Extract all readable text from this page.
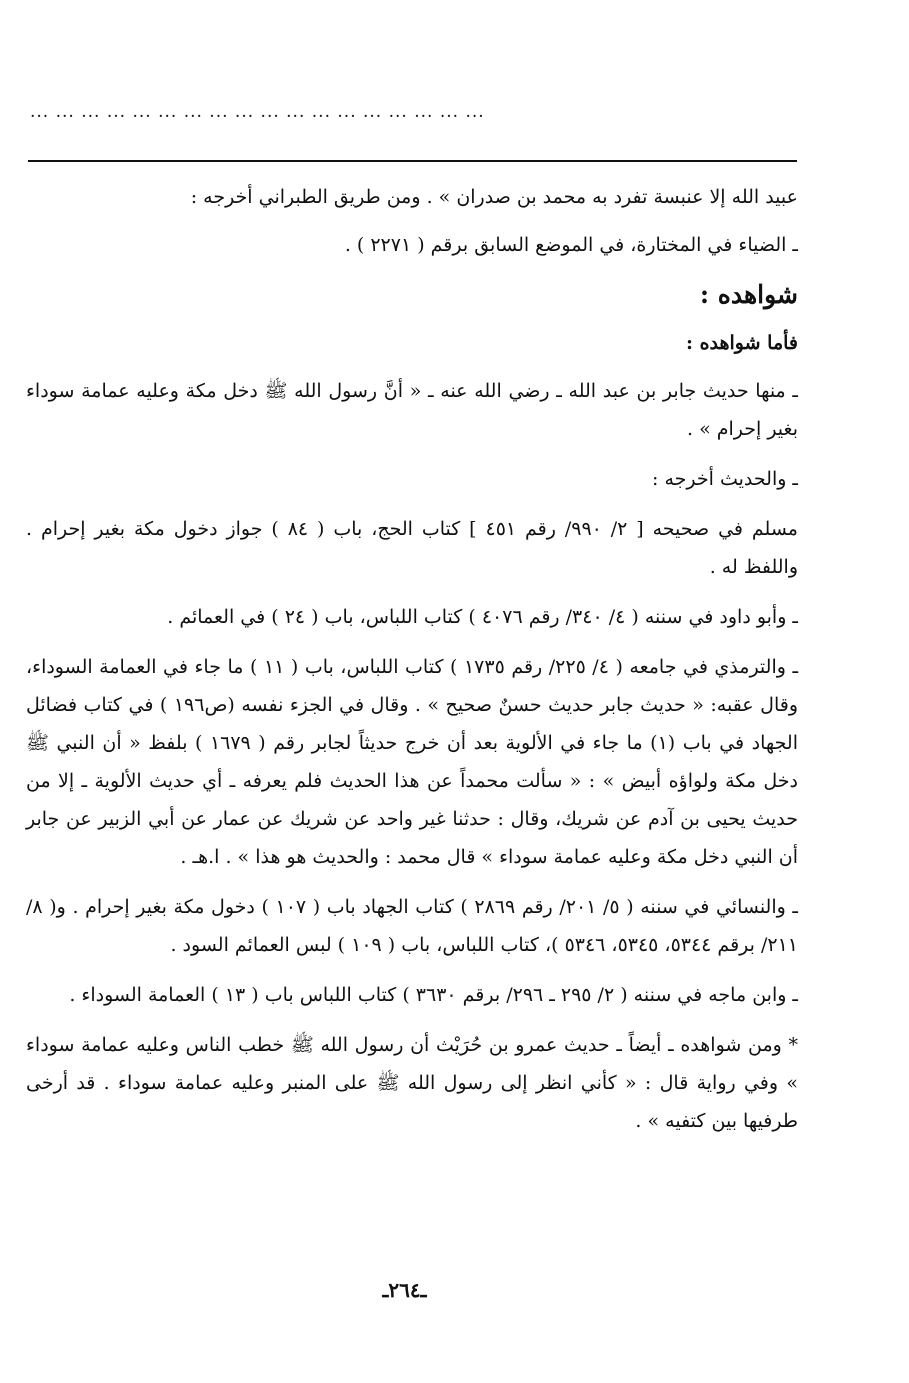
... ... ... ... ... ... ... ... ... ... ... ... ... ... ... ... ... ...

عبيد الله إلا عنبسة تفرد به محمد بن صدران » . ومن طريق الطبراني أخرجه :

ـ الضياء في المختارة، في الموضع السابق برقم ( ٢٢٧١ ) .

شواهده :
فأما شواهده :

ـ منها حديث جابر بن عبد الله ـ رضي الله عنه ـ « أنَّ رسول الله ﷺ دخل مكة وعليه عمامة سوداء بغير إحرام » .

ـ والحديث أخرجه :

مسلم في صحيحه [ ٢/ ٩٩٠/ رقم ٤٥١ ] كتاب الحج، باب ( ٨٤ ) جواز دخول مكة بغير إحرام . واللفظ له .

ـ وأبو داود في سننه ( ٤/ ٣٤٠/ رقم ٤٠٧٦ ) كتاب اللباس، باب ( ٢٤ ) في العمائم .

ـ والترمذي في جامعه ( ٤/ ٢٢٥/ رقم ١٧٣٥ ) كتاب اللباس، باب ( ١١ ) ما جاء في العمامة السوداء، وقال عقبه: « حديث جابر حديث حسنٌ صحيح » . وقال في الجزء نفسه (ص١٩٦ ) في كتاب فضائل الجهاد في باب (١) ما جاء في الألوية بعد أن خرج حديثاً لجابر رقم ( ١٦٧٩ ) بلفظ « أن النبي ﷺ دخل مكة ولواؤه أبيض » : « سألت محمداً عن هذا الحديث فلم يعرفه ـ أي حديث الألوية ـ إلا من حديث يحيى بن آدم عن شريك، وقال : حدثنا غير واحد عن شريك عن عمار عن أبي الزبير عن جابر أن النبي دخل مكة وعليه عمامة سوداء » قال محمد : والحديث هو هذا » . ا.هـ .

ـ والنسائي في سننه ( ٥/ ٢٠١/ رقم ٢٨٦٩ ) كتاب الجهاد باب ( ١٠٧ ) دخول مكة بغير إحرام . و( ٨/ ٢١١/ برقم ٥٣٤٤، ٥٣٤٥، ٥٣٤٦ )، كتاب اللباس، باب ( ١٠٩ ) لبس العمائم السود .

ـ وابن ماجه في سننه ( ٢/ ٢٩٥ ـ ٢٩٦/ برقم ٣٦٣٠ ) كتاب اللباس باب ( ١٣ ) العمامة السوداء .

* ومن شواهده ـ أيضاً ـ حديث عمرو بن حُرَيْث أن رسول الله ﷺ خطب الناس وعليه عمامة سوداء » وفي رواية قال : « كأني انظر إلى رسول الله ﷺ على المنبر وعليه عمامة سوداء . قد أرخى طرفيها بين كتفيه » .

ـ٢٦٤ـ
